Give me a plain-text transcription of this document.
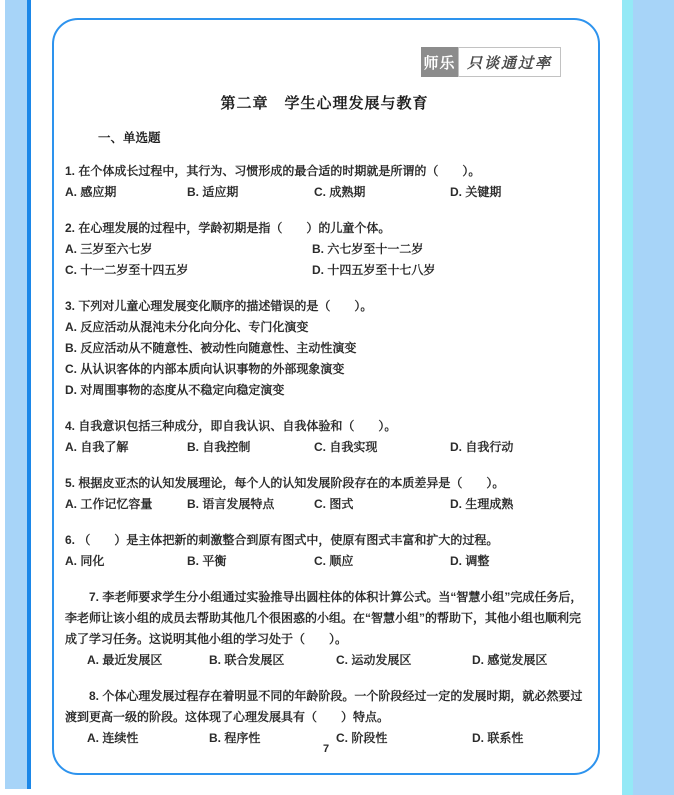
师乐 只谈通过率
第二章　学生心理发展与教育
一、单选题

1. 在个体成长过程中，其行为、习惯形成的最合适的时期就是所谓的（　　）。

A. 感应期	B. 适应期	C. 成熟期	D. 关键期

2. 在心理发展的过程中，学龄初期是指（　　）的儿童个体。

A. 三岁至六七岁	B. 六七岁至十一二岁
C. 十一二岁至十四五岁	D. 十四五岁至十七八岁

3. 下列对儿童心理发展变化顺序的描述错误的是（　　）。

A. 反应活动从混沌未分化向分化、专门化演变
B. 反应活动从不随意性、被动性向随意性、主动性演变
C. 从认识客体的内部本质向认识事物的外部现象演变
D. 对周围事物的态度从不稳定向稳定演变

4. 自我意识包括三种成分，即自我认识、自我体验和（　　）。

A. 自我了解	B. 自我控制	C. 自我实现	D. 自我行动

5. 根据皮亚杰的认知发展理论，每个人的认知发展阶段存在的本质差异是（　　）。

A. 工作记忆容量	B. 语言发展特点	C. 图式	D. 生理成熟

6. （　　）是主体把新的刺激整合到原有图式中，使原有图式丰富和扩大的过程。

A. 同化	B. 平衡	C. 顺应	D. 调整

7. 李老师要求学生分小组通过实验推导出圆柱体的体积计算公式。当“智慧小组”完成任务后，李老师让该小组的成员去帮助其他几个很困惑的小组。在“智慧小组”的帮助下，其他小组也顺利完成了学习任务。这说明其他小组的学习处于（　　）。

A. 最近发展区	B. 联合发展区	C. 运动发展区	D. 感觉发展区

8. 个体心理发展过程存在着明显不同的年龄阶段。一个阶段经过一定的发展时期，就必然要过渡到更高一级的阶段。这体现了心理发展具有（　　）特点。

A. 连续性	B. 程序性	C. 阶段性	D. 联系性
7
